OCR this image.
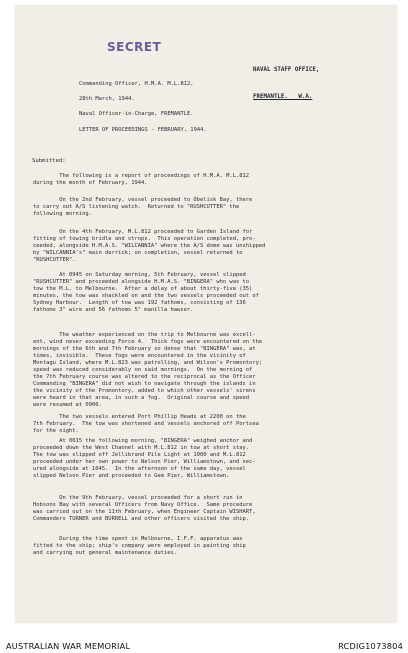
SECRET

NAVAL STAFF OFFICE,

FREMANTLE.   W.A.

Commanding Officer, H.M.A. M.L.812,
28th March, 1944.
Naval Officer-in-Charge, FREMANTLE.
LETTER OF PROCEEDINGS - FEBRUARY, 1944.
Submitted:
The following is a report of proceedings of H.M.A. M.L.812
during the month of February, 1944.
On the 2nd February, vessel proceeded to Obelisk Bay, there
to carry out A/S listening watch.  Returned to "RUSHCUTTER" the
following morning.
On the 4th February, M.L.812 proceeded to Garden Island for
fitting of towing bridle and strops.  This operation completed, pro-
ceeded, alongside H.M.A.S. "WILCANNIA" where the A/S dome was unshipped
by "WILCANNIA's" main derrick; on completion, vessel returned to
"RUSHCUTTER".
At 0945 on Saturday morning, 5th February, vessel slipped
"RUSHCUTTER" and proceeded alongside H.M.A.S. "BINGERA" who was to
tow the M.L. to Melbourne.  After a delay of about thirty-five (35)
minutes, the tow was shackled on and the two vessels proceeded out of
Sydney Harbour.  Length of tow was 192 fathoms, consisting of 136
fathoms 3" wire and 56 fathoms 5" manilla hawser.
The weather experienced on the trip to Melbourne was excell-
ent, wind never exceeding Force 4.  Thick fogs were encountered on the
mornings of the 6th and 7th February so dense that "BINGERA" was, at
times, invisible.  These fogs were encountered in the vicinity of
Montagu Island, where M.L.823 was patrolling, and Wilson's Promontory;
speed was reduced considerably on said mornings.  On the morning of
the 7th February course was altered to the reciprocal as the Officer
Commanding "BINGERA" did not wish to navigate through the islands in
the vicinity of the Promontory, added to which other vessels' sirens
were heard in that area, in such a fog.  Original course and speed
were resumed at 0900.
The two vessels entered Port Phillip Heads at 2200 on the
7th February.  The tow was shortened and vessels anchored off Portsea
for the night.
At 0615 the following morning, "BINGERA" weighed anchor and
proceeded down the West Channel with M.L.812 in tow at short stay.
The tow was slipped off Jellibrand Pile Light at 1000 and M.L.812
proceeded under her own power to Nelson Pier, Williamstown, and sec-
ured alongside at 1045.  In the afternoon of the same day, vessel
slipped Nelson Pier and proceeded to Gem Pier, Williamstown.
On the 9th February, vessel proceeded for a short run in
Hobsons Bay with several Officers from Navy Office.  Same procedure
was carried out on the 11th February, when Engineer Captain WISHART,
Commanders TURNER and BURRELL and other officers visited the ship.
During the time spent in Melbourne, I.F.F. apparatus was
fitted to the ship; ship's company were employed in painting ship
and carrying out general maintenance duties.
AUSTRALIAN WAR MEMORIAL	RCDIG1073804
